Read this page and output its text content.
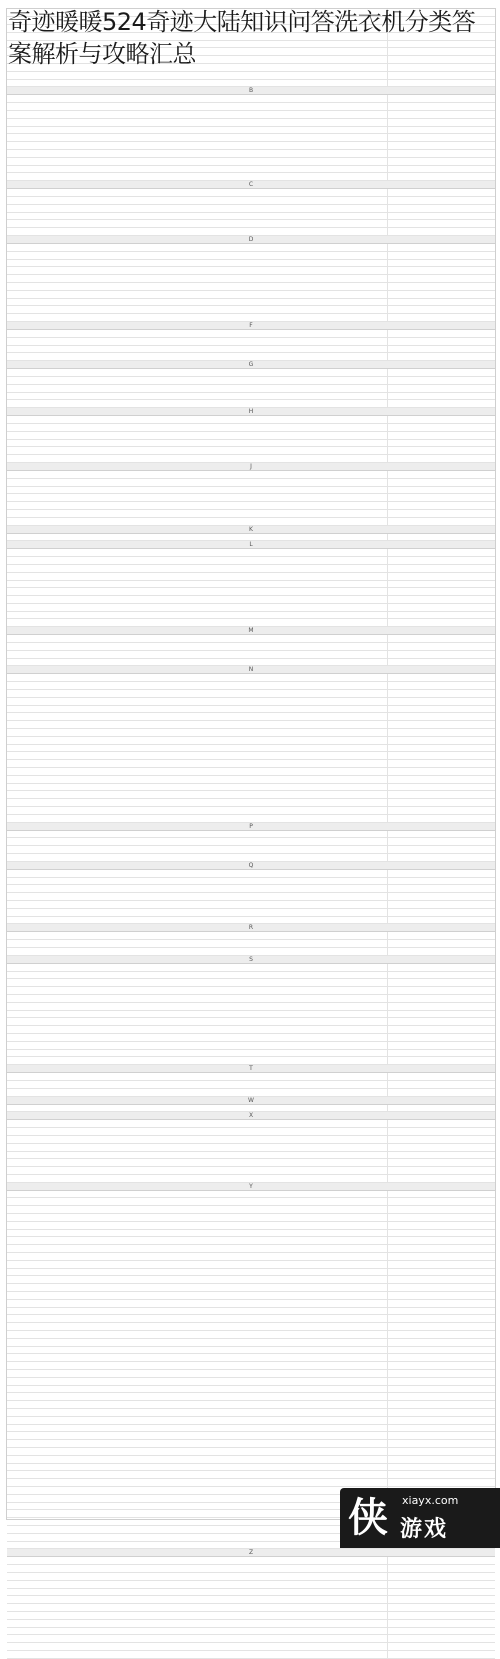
B	

C	

D	

F	

G	

H	

J	

K	

L	

M	

N	

P	

Q	

R	

S	

T	

W	

X	

Y	

Z	

奇迹暖暖524奇迹大陆知识问答洗衣机分类答案解析与攻略汇总
侠 xiayx.com
游戏
